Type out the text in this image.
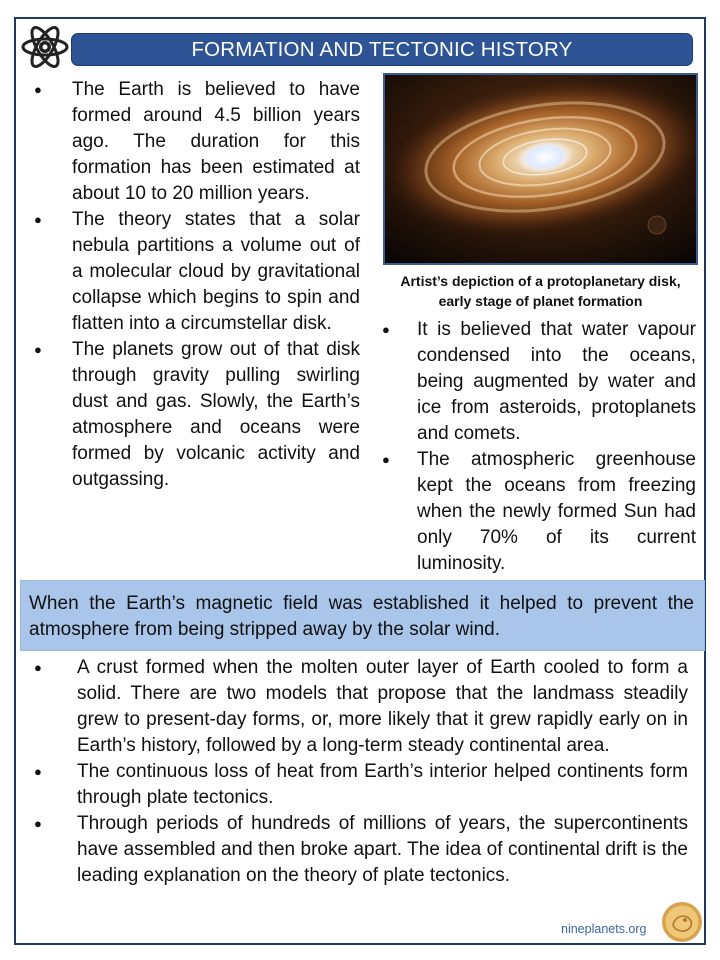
FORMATION AND TECTONIC HISTORY
● The Earth is believed to have formed around 4.5 billion years ago. The duration for this formation has been estimated at about 10 to 20 million years.
● The theory states that a solar nebula partitions a volume out of a molecular cloud by gravitational collapse which begins to spin and flatten into a circumstellar disk.
● The planets grow out of that disk through gravity pulling swirling dust and gas. Slowly, the Earth’s atmosphere and oceans were formed by volcanic activity and outgassing.
Artist’s depiction of a protoplanetary disk, early stage of planet formation
● It is believed that water vapour condensed into the oceans, being augmented by water and ice from asteroids, protoplanets and comets.
● The atmospheric greenhouse kept the oceans from freezing when the newly formed Sun had only 70% of its current luminosity.
When the Earth’s magnetic field was established it helped to prevent the atmosphere from being stripped away by the solar wind.
● A crust formed when the molten outer layer of Earth cooled to form a solid. There are two models that propose that the landmass steadily grew to present-day forms, or, more likely that it grew rapidly early on in Earth’s history, followed by a long-term steady continental area.
● The continuous loss of heat from Earth’s interior helped continents form through plate tectonics.
● Through periods of hundreds of millions of years, the supercontinents have assembled and then broke apart. The idea of continental drift is the leading explanation on the theory of plate tectonics.
nineplanets.org
